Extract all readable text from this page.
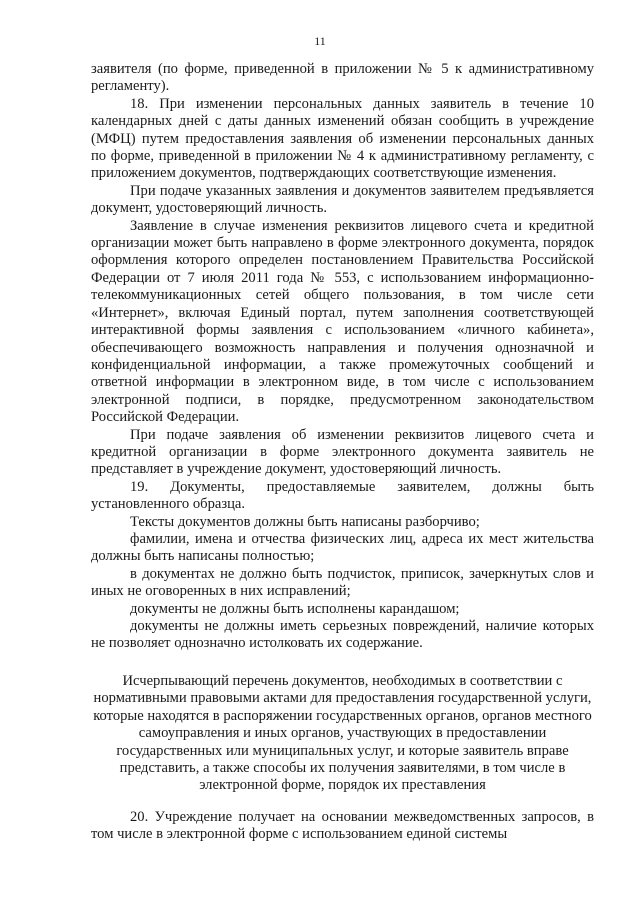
11

заявителя (по форме, приведенной в приложении № 5 к административному регламенту).

18. При изменении персональных данных заявитель в течение 10 календарных дней с даты данных изменений обязан сообщить в учреждение (МФЦ) путем предоставления заявления об изменении персональных данных по форме, приведенной в приложении № 4 к административному регламенту, с приложением документов, подтверждающих соответствующие изменения.

При подаче указанных заявления и документов заявителем предъявляется документ, удостоверяющий личность.

Заявление в случае изменения реквизитов лицевого счета и кредитной организации может быть направлено в форме электронного документа, порядок оформления которого определен постановлением Правительства Российской Федерации от 7 июля 2011 года № 553, с использованием информационно-телекоммуникационных сетей общего пользования, в том числе сети «Интернет», включая Единый портал, путем заполнения соответствующей интерактивной формы заявления с использованием «личного кабинета», обеспечивающего возможность направления и получения однозначной и конфиденциальной информации, а также промежуточных сообщений и ответной информации в электронном виде, в том числе с использованием электронной подписи, в порядке, предусмотренном законодательством Российской Федерации.

При подаче заявления об изменении реквизитов лицевого счета и кредитной организации в форме электронного документа заявитель не представляет в учреждение документ, удостоверяющий личность.

19. Документы, предоставляемые заявителем, должны быть установленного образца.

Тексты документов должны быть написаны разборчиво;

фамилии, имена и отчества физических лиц, адреса их мест жительства должны быть написаны полностью;

в документах не должно быть подчисток, приписок, зачеркнутых слов и иных не оговоренных в них исправлений;

документы не должны быть исполнены карандашом;

документы не должны иметь серьезных повреждений, наличие которых не позволяет однозначно истолковать их содержание.

Исчерпывающий перечень документов, необходимых в соответствии с нормативными правовыми актами для предоставления государственной услуги, которые находятся в распоряжении государственных органов, органов местного самоуправления и иных органов, участвующих в предоставлении государственных или муниципальных услуг, и которые заявитель вправе представить, а также способы их получения заявителями, в том числе в электронной форме, порядок их преставления

20. Учреждение получает на основании межведомственных запросов, в том числе в электронной форме с использованием единой системы
